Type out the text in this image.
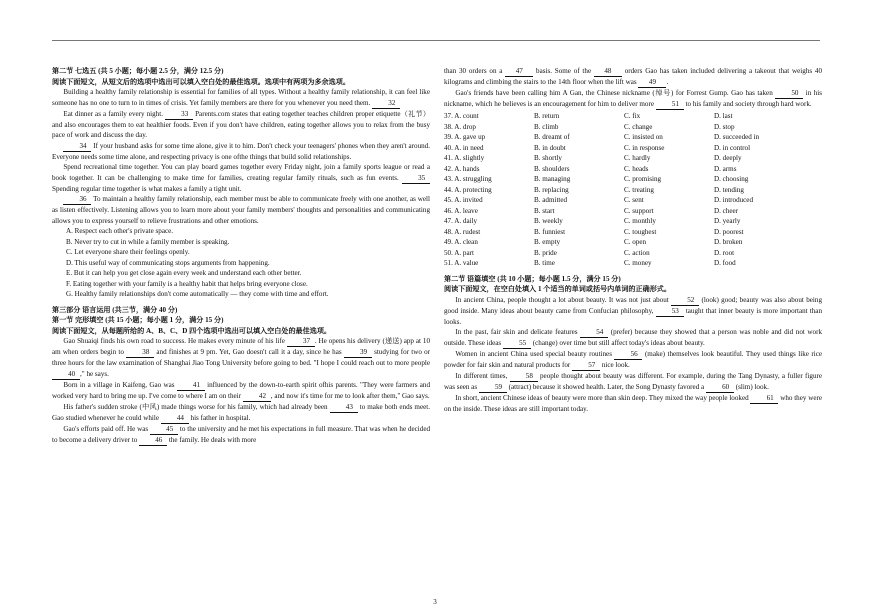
第二节 七选五 (共 5 小题；每小题 2.5 分，满分 12.5 分)

阅读下面短文，从短文后的选项中选出可以填入空白处的最佳选项。选项中有两项为多余选项。

Building a healthy family relationship is essential for families of all types. Without a healthy family relationship, it can feel like someone has no one to turn to in times of crisis. Yet family members are there for you whenever you need them.	32

Eat dinner as a family every night.	33 Parents.com states that eating together teaches children proper etiquette（礼节）and also encourages them to eat healthier foods. Even if you don't have children, eating together allows you to relax from the busy pace of work and discuss the day.

34 If your husband asks for some time alone, give it to him. Don't check your teenagers' phones when they aren't around. Everyone needs some time alone, and respecting privacy is one ofthe things that build solid relationships.

Spend recreational time together. You can play board games together every Friday night, join a family sports league or read a book together. It can be challenging to make time for families, creating regular family rituals, such as fun events.	35 Spending regular time together is what makes a family a tight unit.

36 To maintain a healthy family relationship, each member must be able to communicate freely with one another, as well as listen effectively. Listening allows you to learn more about your family members' thoughts and personalities and communicating allows you to express yourself to relieve frustrations and other emotions.

A. Respect each other's private space.

B. Never try to cut in while a family member is speaking.

C. Let everyone share their feelings openly.

D. This useful way of communicating stops arguments from happening.

E. But it can help you get close again every week and understand each other better.

F. Eating together with your family is a healthy habit that helps bring everyone close.

G. Healthy family relationships don't come automatically — they come with time and effort.

第三部分 语言运用 (共三节，满分 40 分)

第一节 完形填空 (共 15 小题；每小题 1 分，满分 15 分)

阅读下面短文，从每题所给的 A、B、C、D 四个选项中选出可以填入空白处的最佳选项。

Gao Shuaiqi finds his own road to success. He makes every minute of his life	37 . He opens his delivery (递送) app at 10 am when orders begin to	38 and finishes at 9 pm. Yet, Gao doesn't call it a day, since he has	39 studying for two or three hours for the law examination of Shanghai Jiao Tong University before going to bed. "I hope I could reach out to more people 40 ," he says.

Born in a village in Kaifeng, Gao was	41 influenced by the down-to-earth spirit ofhis parents. "They were farmers and worked very hard to bring me up. I've come to where I am on their	42 , and now it's time for me to look after them," Gao says.

His father's sudden stroke (中风) made things worse for his family, which had already been	43 to make both ends meet. Gao studied whenever he could while	44 his father in hospital.

Gao's efforts paid off. He was	45 to the university and he met his expectations in full measure. That was when he decided to become a delivery driver to	46 the family. He deals with more

than 30 orders on a 47 basis. Some of the 48 orders Gao has taken included delivering a takeout that weighs 40 kilograms and climbing the stairs to the 14th floor when the lift was 49 .

Gao's friends have been calling him A Gan, the Chinese nickname (绰号) for Forrest Gump. Gao has taken	50 in his nickname, which he believes is an encouragement for him to deliver more	51 to his family and society through hard work.

37. A. count	B. return	C. fix	D. last
38. A. drop	B. climb	C. change	D. stop
39. A. gave up	B. dreamt of	C. insisted on	D. succeeded in
40. A. in need	B. in doubt	C. in response	D. in control
41. A. slightly	B. shortly	C. hardly	D. deeply
42. A. hands	B. shoulders	C. heads	D. arms
43. A. struggling	B. managing	C. promising	D. choosing
44. A. protecting	B. replacing	C. treating	D. tending
45. A. invited	B. admitted	C. sent	D. introduced
46. A. leave	B. start	C. support	D. cheer
47. A. daily	B. weekly	C. monthly	D. yearly
48. A. rudest	B. funniest	C. toughest	D. poorest
49. A. clean	B. empty	C. open	D. broken
50. A. part	B. pride	C. action	D. root
51. A. value	B. time	C. money	D. food

第二节 语篇填空 (共 10 小题；每小题 1.5 分，满分 15 分)

阅读下面短文，在空白处填入 1 个适当的单词或括号内单词的正确形式。

In ancient China, people thought a lot about beauty. It was not just about	52 (look) good; beauty was also about being good inside. Many ideas about beauty came from Confucian philosophy,	53 taught that inner beauty is more important than looks.

In the past, fair skin and delicate features	54 (prefer) because they showed that a person was noble and did not work outside. These ideas	55 (change) over time but still affect today's ideas about beauty.

Women in ancient China used special beauty routines	56 (make) themselves look beautiful. They used things like rice powder for fair skin and natural products for	57 nice look.

In different times,	58 people thought about beauty was different. For example, during the Tang Dynasty, a fuller figure was seen as	59 (attract) because it showed health. Later, the Song Dynasty favored a	60 (slim) look.

In short, ancient Chinese ideas of beauty were more than skin deep. They mixed the way people looked	61 who they were on the inside. These ideas are still important today.

3
